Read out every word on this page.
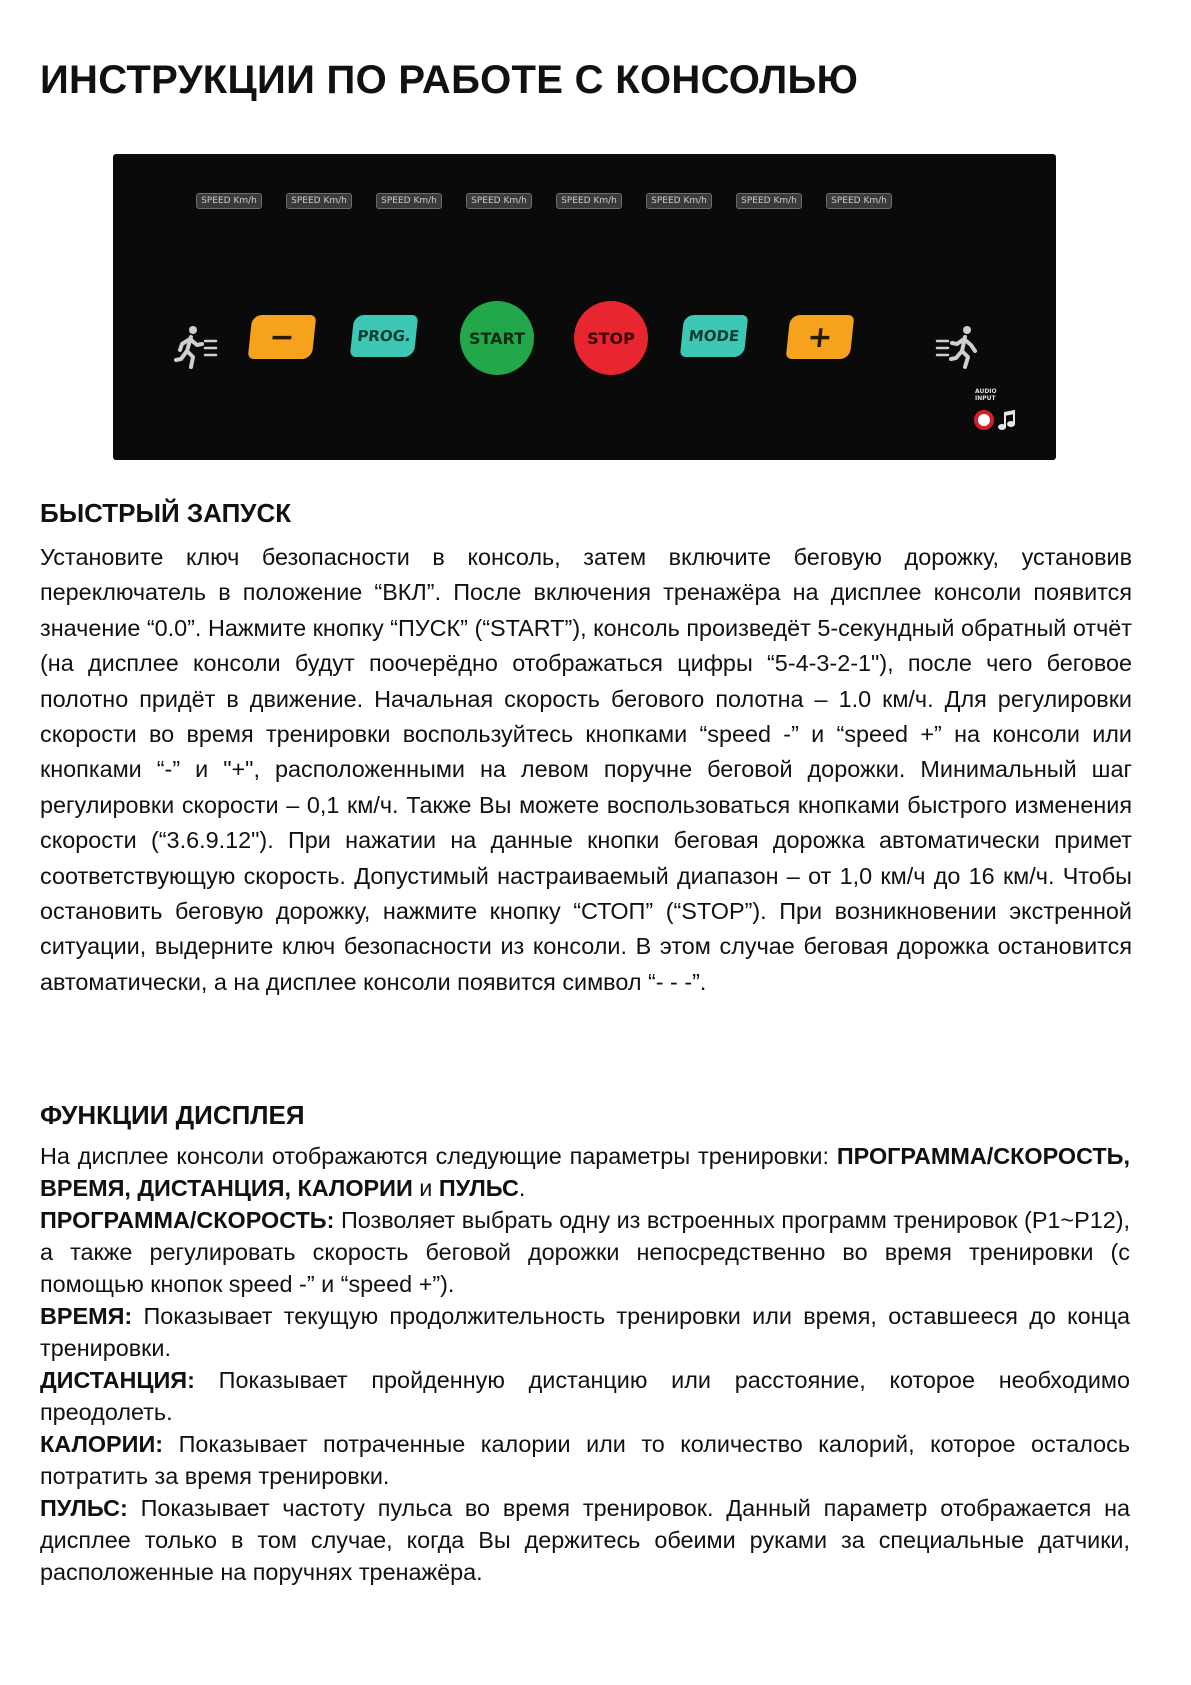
ИНСТРУКЦИИ ПО РАБОТЕ С КОНСОЛЬЮ
SPEED Km/h	SPEED Km/h	SPEED Km/h	SPEED Km/h	SPEED Km/h	SPEED Km/h	SPEED Km/h	SPEED Km/h
−	PROG.	START	STOP	MODE	+
AUDIO
INPUT
БЫСТРЫЙ ЗАПУСК

Установите ключ безопасности в консоль, затем включите беговую дорожку, установив переключатель в положение “ВКЛ”. После включения тренажёра на дисплее консоли появится значение “0.0”. Нажмите кнопку “ПУСК” (“START”), консоль произведёт 5-секундный обратный отчёт (на дисплее консоли будут поочерёдно отображаться цифры “5-4-3-2-1"), после чего беговое полотно придёт в движение. Начальная скорость бегового полотна – 1.0 км/ч. Для регулировки скорости во время тренировки воспользуйтесь кнопками “speed -” и “speed +” на консоли или кнопками “-” и "+", расположенными на левом поручне беговой дорожки. Минимальный шаг регулировки скорости – 0,1 км/ч. Также Вы можете воспользоваться кнопками быстрого изменения скорости (“3.6.9.12"). При нажатии на данные кнопки беговая дорожка автоматически примет соответствующую скорость. Допустимый настраиваемый диапазон – от 1,0 км/ч до 16 км/ч. Чтобы остановить беговую дорожку, нажмите кнопку “СТОП” (“STOP”). При возникновении экстренной ситуации, выдерните ключ безопасности из консоли. В этом случае беговая дорожка остановится автоматически, а на дисплее консоли появится символ “- - -”.

ФУНКЦИИ ДИСПЛЕЯ

На дисплее консоли отображаются следующие параметры тренировки: ПРОГРАММА/СКОРОСТЬ, ВРЕМЯ, ДИСТАНЦИЯ, КАЛОРИИ и ПУЛЬС.

ПРОГРАММА/СКОРОСТЬ: Позволяет выбрать одну из встроенных программ тренировок (P1~P12), а также регулировать скорость беговой дорожки непосредственно во время тренировки (с помощью кнопок speed -” и “speed +”).

ВРЕМЯ: Показывает текущую продолжительность тренировки или время, оставшееся до конца тренировки.

ДИСТАНЦИЯ: Показывает пройденную дистанцию или расстояние, которое необходимо преодолеть.

КАЛОРИИ: Показывает потраченные калории или то количество калорий, которое осталось потратить за время тренировки.

ПУЛЬС: Показывает частоту пульса во время тренировок. Данный параметр отображается на дисплее только в том случае, когда Вы держитесь обеими руками за специальные датчики, расположенные на поручнях тренажёра.
